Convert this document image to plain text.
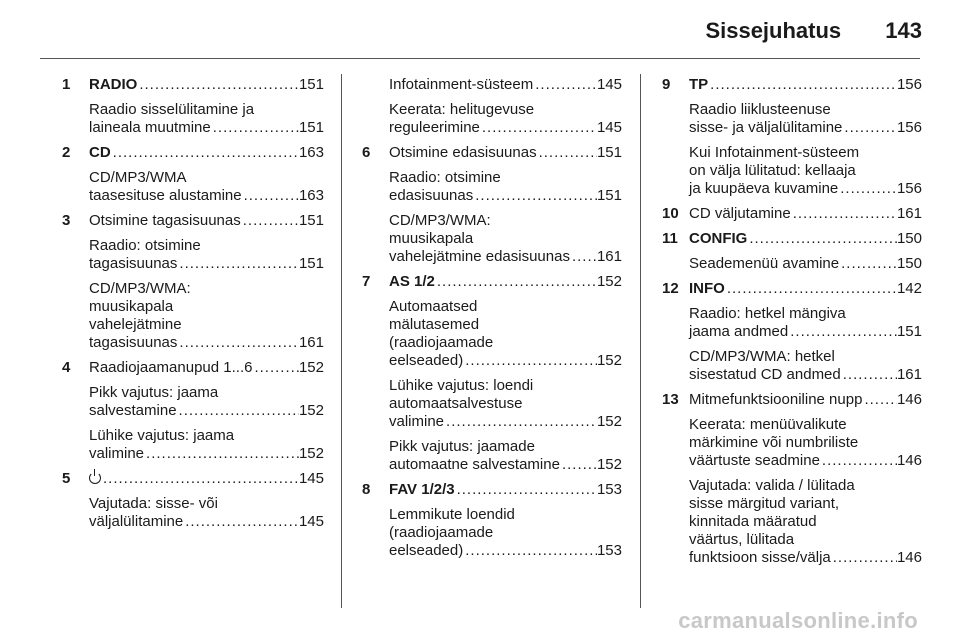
Sissejuhatus 143
1 RADIO .....	151
Raadio sisselülitamine ja
laineala muutmine .....	151
2 CD .....	163
CD/MP3/WMA
taasesituse alustamine .....	163
3 Otsimine tagasisuunas .....	151
Raadio: otsimine
tagasisuunas .....	151
CD/MP3/WMA:
muusikapala
vahelejätmine
tagasisuunas .....	161
4 Raadiojaamanupud 1...6 .....	152
Pikk vajutus: jaama
salvestamine .....	152
Lühike vajutus: jaama
valimine .....	152
5 .....	145
Vajutada: sisse- või
väljalülitamine .....	145
Infotainment-süsteem .....	145
Keerata: helitugevuse
reguleerimine .....	145
6 Otsimine edasisuunas .....	151
Raadio: otsimine
edasisuunas .....	151
CD/MP3/WMA:
muusikapala
vahelejätmine edasisuunas ..... 161
7 AS 1/2 .....	152
Automaatsed
mälutasemed
(raadiojaamade
eelseaded) .....	152
Lühike vajutus: loendi
automaatsalvestuse
valimine .....	152
Pikk vajutus: jaamade
automaatne salvestamine ..... 152
8 FAV 1/2/3 .....	153
Lemmikute loendid
(raadiojaamade
eelseaded) .....	153
9 TP .....	156
Raadio liiklusteenuse
sisse- ja väljalülitamine .....	156
Kui Infotainment-süsteem
on välja lülitatud: kellaaja
ja kuupäeva kuvamine .....	156
10 CD väljutamine .....	161
11 CONFIG .....	150
Seademenüü avamine .....	150
12 INFO .....	142
Raadio: hetkel mängiva
jaama andmed .....	151
CD/MP3/WMA: hetkel
sisestatud CD andmed .....	161
13 Mitmefunktsiooniline nupp ..... 146
Keerata: menüüvalikute
märkimine või numbriliste
väärtuste seadmine .....	146
Vajutada: valida / lülitada
sisse märgitud variant,
kinnitada määratud
väärtus, lülitada
funktsioon sisse/välja .....	146
carmanualsonline.info
